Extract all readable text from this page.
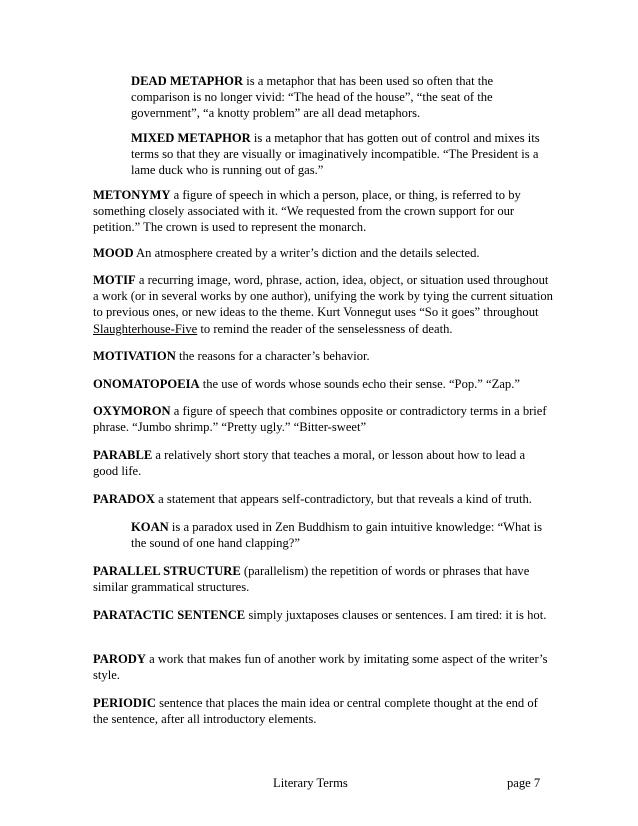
DEAD METAPHOR is a metaphor that has been used so often that the comparison is no longer vivid: “The head of the house”, “the seat of the government”, “a knotty problem” are all dead metaphors.

MIXED METAPHOR is a metaphor that has gotten out of control and mixes its terms so that they are visually or imaginatively incompatible. “The President is a lame duck who is running out of gas.”

METONYMY a figure of speech in which a person, place, or thing, is referred to by something closely associated with it. “We requested from the crown support for our petition.” The crown is used to represent the monarch.

MOOD An atmosphere created by a writer’s diction and the details selected.

MOTIF a recurring image, word, phrase, action, idea, object, or situation used throughout a work (or in several works by one author), unifying the work by tying the current situation to previous ones, or new ideas to the theme. Kurt Vonnegut uses “So it goes” throughout Slaughterhouse-Five to remind the reader of the senselessness of death.

MOTIVATION the reasons for a character’s behavior.

ONOMATOPOEIA the use of words whose sounds echo their sense. “Pop.” “Zap.”

OXYMORON a figure of speech that combines opposite or contradictory terms in a brief phrase. “Jumbo shrimp.” “Pretty ugly.” “Bitter-sweet”

PARABLE a relatively short story that teaches a moral, or lesson about how to lead a good life.

PARADOX a statement that appears self-contradictory, but that reveals a kind of truth.

KOAN is a paradox used in Zen Buddhism to gain intuitive knowledge: “What is the sound of one hand clapping?”

PARALLEL STRUCTURE (parallelism) the repetition of words or phrases that have similar grammatical structures.

PARATACTIC SENTENCE simply juxtaposes clauses or sentences. I am tired: it is hot.

PARODY a work that makes fun of another work by imitating some aspect of the writer’s style.

PERIODIC sentence that places the main idea or central complete thought at the end of the sentence, after all introductory elements.

Literary Terms	page 7
